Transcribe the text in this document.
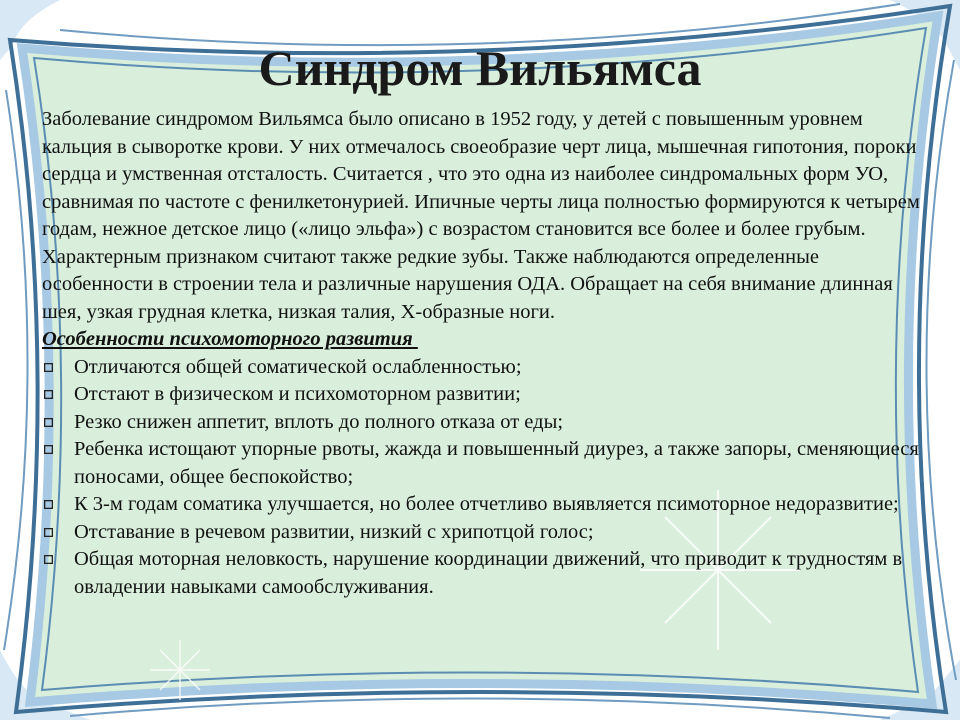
Синдром Вильямса

Заболевание синдромом Вильямса было описано в 1952 году, у детей с повышенным уровнем кальция в сыворотке крови. У них отмечалось своеобразие черт лица, мышечная гипотония, пороки сердца и умственная отсталость. Считается , что это одна из наиболее синдромальных форм УО, сравнимая по частоте с фенилкетонурией. Ипичные черты лица полностью формируются к четырем годам, нежное детское лицо («лицо эльфа») с возрастом становится все более и более грубым. Характерным признаком считают также редкие зубы. Также наблюдаются определенные особенности в строении тела и различные нарушения ОДА. Обращает на себя внимание длинная шея, узкая грудная клетка, низкая талия, Х-образные ноги.

Особенности психомоторного развития

Отличаются общей соматической ослабленностью;
Отстают в физическом и психомоторном развитии;
Резко снижен аппетит, вплоть до полного отказа от еды;
Ребенка истощают упорные рвоты, жажда и повышенный диурез, а также запоры, сменяющиеся поносами, общее беспокойство;
К 3-м годам соматика улучшается, но более отчетливо выявляется псимоторное недоразвитие;
Отставание в речевом развитии, низкий с хрипотцой голос;
Общая моторная неловкость, нарушение координации движений, что приводит к трудностям в овладении навыками самообслуживания.
